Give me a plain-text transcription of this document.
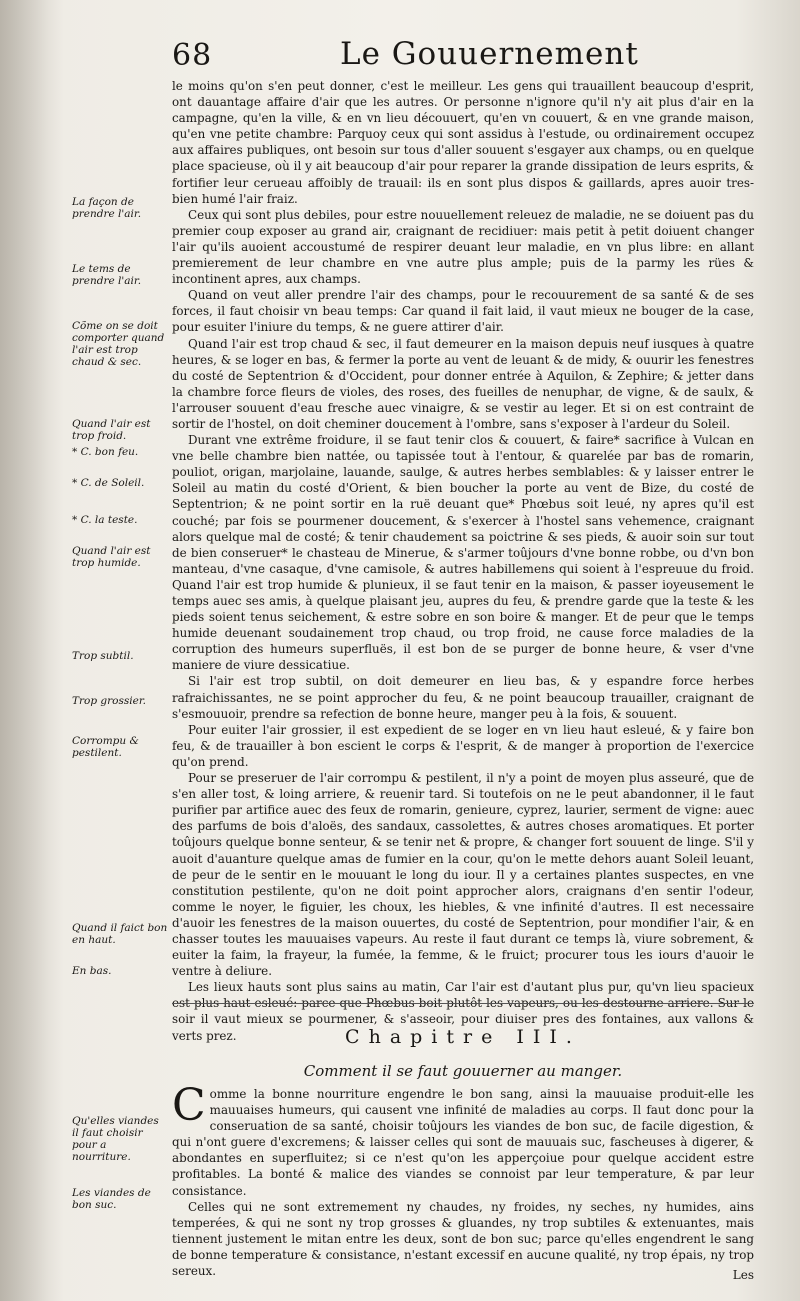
68	Le Gouuernement
La façon de prendre l'air.
Le tems de prendre l'air.
Cõme on se doit comporter quand l'air est trop chaud & sec.
Quand l'air est trop froid.
* C. bon feu.
* C. de Soleil.
* C. la teste.
Quand l'air est trop humide.
Trop subtil.
Trop grossier.
Corrompu & pestilent.
Quand il faict bon en haut.
En bas.
Qu'elles viandes il faut choisir pour a nourriture.
Les viandes de bon suc.

le moins qu'on s'en peut donner, c'est le meilleur. Les gens qui trauaillent beaucoup d'esprit, ont dauantage affaire d'air que les autres. Or personne n'ignore qu'il n'y ait plus d'air en la campagne, qu'en la ville, & en vn lieu découuert, qu'en vn couuert, & en vne grande maison, qu'en vne petite chambre: Parquoy ceux qui sont assidus à l'estude, ou ordinairement occupez aux affaires publiques, ont besoin sur tous d'aller souuent s'esgayer aux champs, ou en quelque place spacieuse, où il y ait beaucoup d'air pour reparer la grande dissipation de leurs esprits, & fortifier leur cerueau affoibly de trauail: ils en sont plus dispos & gaillards, apres auoir tres-bien humé l'air fraiz.

Ceux qui sont plus debiles, pour estre nouuellement releuez de maladie, ne se doiuent pas du premier coup exposer au grand air, craignant de recidiuer: mais petit à petit doiuent changer l'air qu'ils auoient accoustumé de respirer deuant leur maladie, en vn plus libre: en allant premierement de leur chambre en vne autre plus ample; puis de la parmy les rües & incontinent apres, aux champs.

Quand on veut aller prendre l'air des champs, pour le recouurement de sa santé & de ses forces, il faut choisir vn beau temps: Car quand il fait laid, il vaut mieux ne bouger de la case, pour esuiter l'iniure du temps, & ne guere attirer d'air.

Quand l'air est trop chaud & sec, il faut demeurer en la maison depuis neuf iusques à quatre heures, & se loger en bas, & fermer la porte au vent de leuant & de midy, & ouurir les fenestres du costé de Septentrion & d'Occident, pour donner entrée à Aquilon, & Zephire; & jetter dans la chambre force fleurs de violes, des roses, des fueilles de nenuphar, de vigne, & de saulx, & l'arrouser souuent d'eau fresche auec vinaigre, & se vestir au leger. Et si on est contraint de sortir de l'hostel, on doit cheminer doucement à l'ombre, sans s'exposer à l'ardeur du Soleil.

Durant vne extrême froidure, il se faut tenir clos & couuert, & faire* sacrifice à Vulcan en vne belle chambre bien nattée, ou tapissée tout à l'entour, & quarelée par bas de romarin, pouliot, origan, marjolaine, lauande, saulge, & autres herbes semblables: & y laisser entrer le Soleil au matin du costé d'Orient, & bien boucher la porte au vent de Bize, du costé de Septentrion; & ne point sortir en la ruë deuant que* Phœbus soit leué, ny apres qu'il est couché; par fois se pourmener doucement, & s'exercer à l'hostel sans vehemence, craignant alors quelque mal de costé; & tenir chaudement sa poictrine & ses pieds, & auoir soin sur tout de bien conseruer* le chasteau de Minerue, & s'armer toûjours d'vne bonne robbe, ou d'vn bon manteau, d'vne casaque, d'vne camisole, & autres habillemens qui soient à l'espreuue du froid. Quand l'air est trop humide & plunieux, il se faut tenir en la maison, & passer ioyeusement le temps auec ses amis, à quelque plaisant jeu, aupres du feu, & prendre garde que la teste & les pieds soient tenus seichement, & estre sobre en son boire & manger. Et de peur que le temps humide deuenant soudainement trop chaud, ou trop froid, ne cause force maladies de la corruption des humeurs superfluës, il est bon de se purger de bonne heure, & vser d'vne maniere de viure dessicatiue.

Si l'air est trop subtil, on doit demeurer en lieu bas, & y espandre force herbes rafraichissantes, ne se point approcher du feu, & ne point beaucoup trauailler, craignant de s'esmouuoir, prendre sa refection de bonne heure, manger peu à la fois, & souuent.

Pour euiter l'air grossier, il est expedient de se loger en vn lieu haut esleué, & y faire bon feu, & de trauailler à bon escient le corps & l'esprit, & de manger à proportion de l'exercice qu'on prend.

Pour se preseruer de l'air corrompu & pestilent, il n'y a point de moyen plus asseuré, que de s'en aller tost, & loing arriere, & reuenir tard. Si toutefois on ne le peut abandonner, il le faut purifier par artifice auec des feux de romarin, genieure, cyprez, laurier, serment de vigne: auec des parfums de bois d'aloës, des sandaux, cassolettes, & autres choses aromatiques. Et porter toûjours quelque bonne senteur, & se tenir net & propre, & changer fort souuent de linge. S'il y auoit d'auanture quelque amas de fumier en la cour, qu'on le mette dehors auant Soleil leuant, de peur de le sentir en le mouuant le long du iour. Il y a certaines plantes suspectes, en vne constitution pestilente, qu'on ne doit point approcher alors, craignans d'en sentir l'odeur, comme le noyer, le figuier, les choux, les hiebles, & vne infinité d'autres. Il est necessaire d'auoir les fenestres de la maison ouuertes, du costé de Septentrion, pour mondifier l'air, & en chasser toutes les mauuaises vapeurs. Au reste il faut durant ce temps là, viure sobrement, & euiter la faim, la frayeur, la fumée, la femme, & le fruict; procurer tous les iours d'auoir le ventre à deliure.

Les lieux hauts sont plus sains au matin, Car l'air est d'autant plus pur, qu'vn lieu spacieux est plus haut esleué: parce que Phœbus boit plutôt les vapeurs, ou les destourne arriere. Sur le soir il vaut mieux se pourmener, & s'asseoir, pour diuiser pres des fontaines, aux vallons & verts prez.	Chapitre III.
Comment il se faut gouuerner au manger.

Comme la bonne nourriture engendre le bon sang, ainsi la mauuaise produit-elle les mauuaises humeurs, qui causent vne infinité de maladies au corps. Il faut donc pour la conseruation de sa santé, choisir toûjours les viandes de bon suc, de facile digestion, & qui n'ont guere d'excremens; & laisser celles qui sont de mauuais suc, fascheuses à digerer, & abondantes en superfluitez; si ce n'est qu'on les apperçoiue pour quelque accident estre profitables. La bonté & malice des viandes se connoist par leur temperature, & par leur consistance.

Celles qui ne sont extremement ny chaudes, ny froides, ny seches, ny humides, ains temperées, & qui ne sont ny trop grosses & gluandes, ny trop subtiles & extenuantes, mais tiennent justement le mitan entre les deux, sont de bon suc; parce qu'elles engendrent le sang de bonne temperature & consistance, n'estant excessif en aucune qualité, ny trop épais, ny trop sereux.	Les
